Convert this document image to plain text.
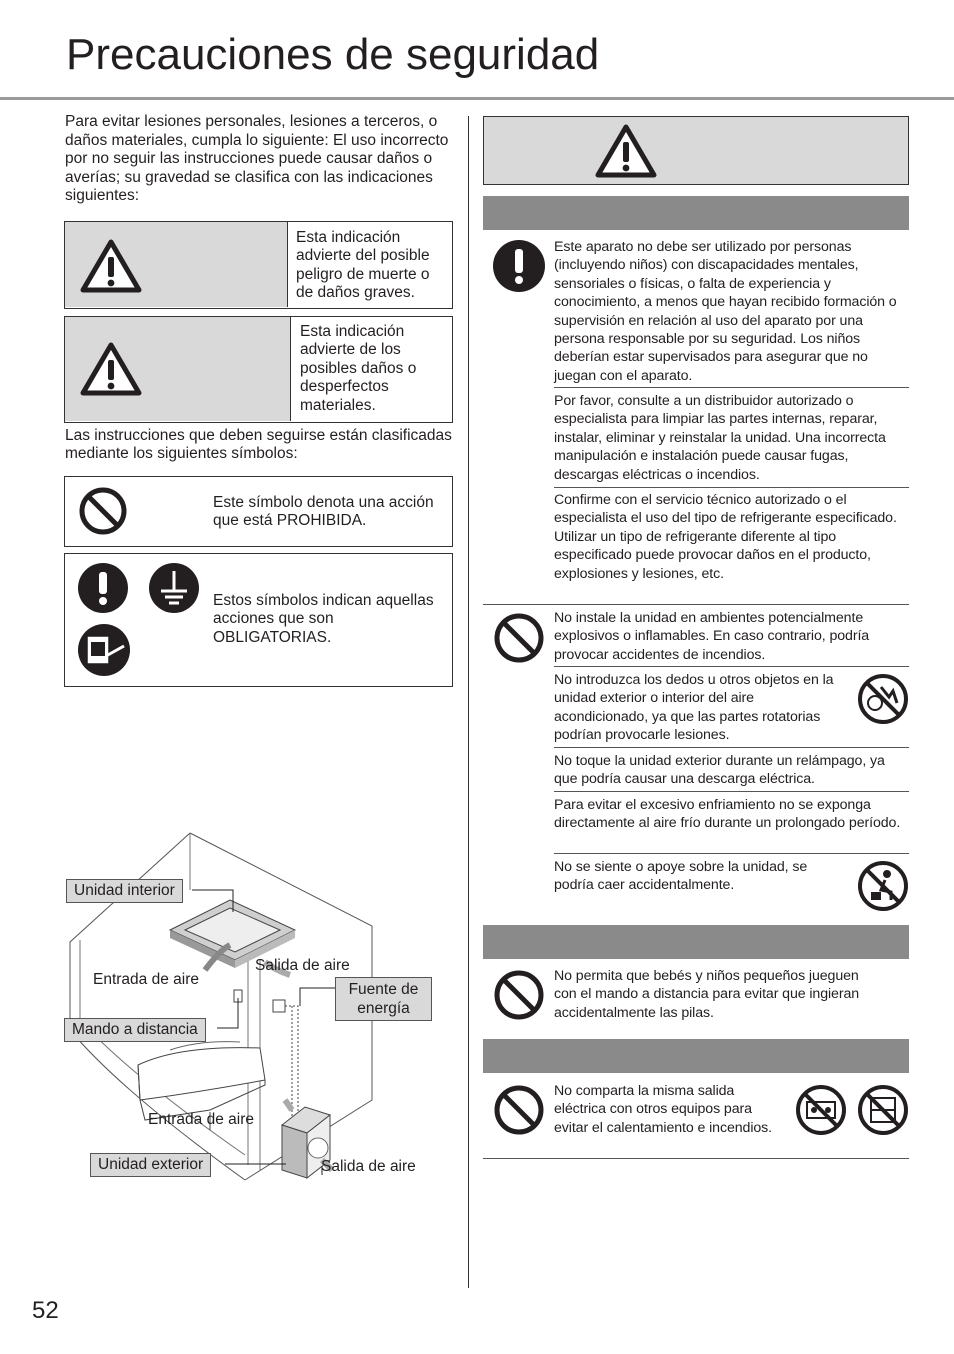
Precauciones de seguridad
Para evitar lesiones personales, lesiones a terceros, o daños materiales, cumpla lo siguiente: El uso incorrecto por no seguir las instrucciones puede causar daños o averías; su gravedad se clasifica con las indicaciones siguientes:
Esta indicación advierte del posible peligro de muerte o de daños graves.
Esta indicación advierte de los posibles daños o desperfectos materiales.
Las instrucciones que deben seguirse están clasificadas mediante los siguientes símbolos:
Este símbolo denota una acción que está PROHIBIDA.
Estos símbolos indican aquellas acciones que son OBLIGATORIAS.
Unidad interior
Entrada de aire
Salida de aire
Mando a distancia
Fuente de energía
Entrada de aire
Unidad exterior	Salida de aire
52
Este aparato no debe ser utilizado por personas (incluyendo niños) con discapacidades mentales, sensoriales o físicas, o falta de experiencia y conocimiento, a menos que hayan recibido formación o supervisión en relación al uso del aparato por una persona responsable por su seguridad. Los niños deberían estar supervisados para asegurar que no juegan con el aparato.
Por favor, consulte a un distribuidor autorizado o especialista para limpiar las partes internas, reparar, instalar, eliminar y reinstalar la unidad. Una incorrecta manipulación e instalación puede causar fugas, descargas eléctricas o incendios.
Confirme con el servicio técnico autorizado o el especialista el uso del tipo de refrigerante especificado. Utilizar un tipo de refrigerante diferente al tipo especificado puede provocar daños en el producto, explosiones y lesiones, etc.
No instale la unidad en ambientes potencialmente explosivos o inflamables. En caso contrario, podría provocar accidentes de incendios.
No introduzca los dedos u otros objetos en la unidad exterior o interior del aire acondicionado, ya que las partes rotatorias podrían provocarle lesiones.
No toque la unidad exterior durante un relámpago, ya que podría causar una descarga eléctrica.
Para evitar el excesivo enfriamiento no se exponga directamente al aire frío durante un prolongado período.
No se siente o apoye sobre la unidad, se podría caer accidentalmente.
No permita que bebés y niños pequeños jueguen con el mando a distancia para evitar que ingieran accidentalmente las pilas.
No comparta la misma salida eléctrica con otros equipos para evitar el calentamiento e incendios.
